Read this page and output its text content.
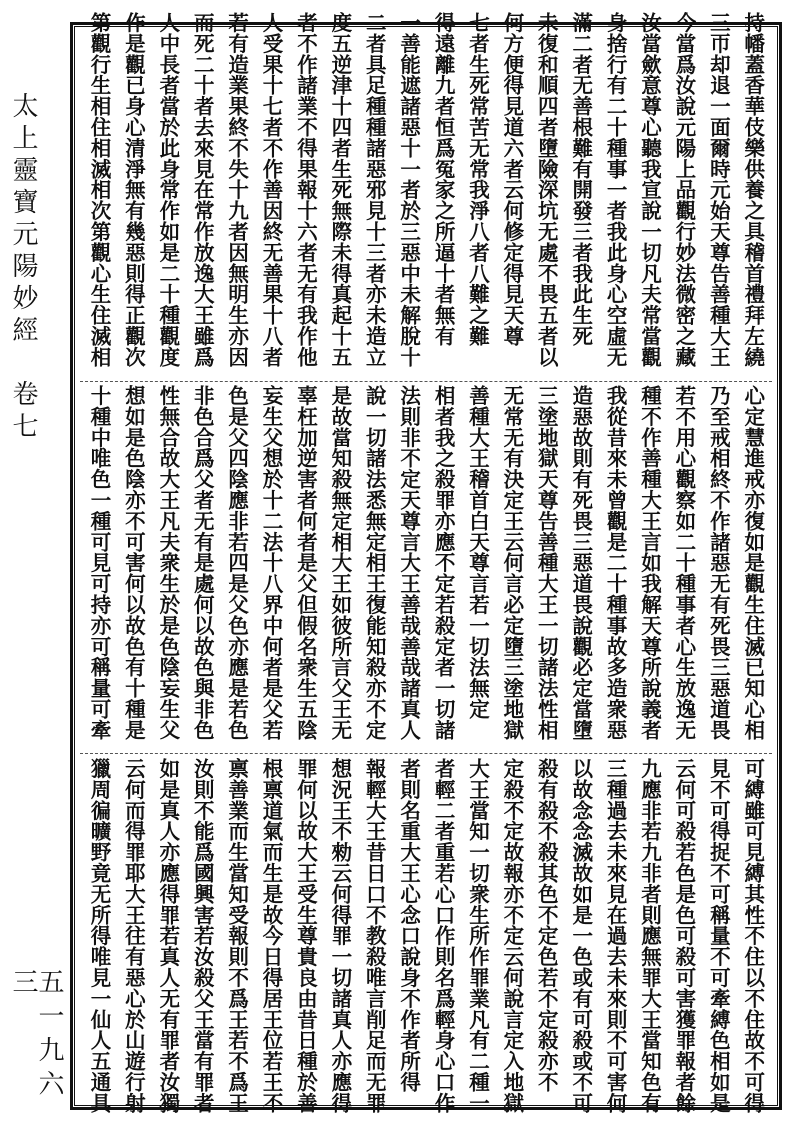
太上靈寶元陽妙經　卷七
五一九六三
持幡蓋香華伎樂供養之具稽首禮拜左繞
三帀却退一面爾時元始天尊告善種大王
今當爲汝說元陽上品觀行妙法微密之藏
汝當歛意尊心聽我宣說一切凡夫常當觀
身捨行有二十種事一者我此身心空虛无
滿二者无善根難有開發三者我此生死
未復和順四者墮險深坑无處不畏五者以
何方便得見道六者云何修定得見天尊
七者生死常苦无常我淨八者八難之難
得遠離九者恒爲冤家之所逼十者無有
一善能遮諸惡十一者於三惡中未解脫十
二者具足種種諸惡邪見十三者亦未造立
度五逆津十四者生死無際未得真起十五
者不作諸業不得果報十六者无有我作他
人受果十七者不作善因終无善果十八者
若有造業果終不失十九者因無明生亦因
而死二十者去來見在常作放逸大王雖爲
人中長者當於此身常作如是二十種觀度
作是觀已身心清淨無有幾惡則得正觀次
第觀行生相住相滅相次第觀心生住滅相
心定慧進戒亦復如是觀生住滅已知心相
乃至戒相終不作諸惡无有死畏三惡道畏
若不用心觀察如二十種事者心生放逸无
種不作善種大王言如我解天尊所說義者
我從昔來未曾觀是二十種事故多造衆惡
造惡故則有死畏三惡道畏說觀必定當墮
三塗地獄天尊告善種大王一切諸法性相
无常无有決定王云何言必定墮三塗地獄
善種大王稽首白天尊言若一切法無定
相者我之殺罪亦應不定若殺定者一切諸
法則非不定天尊言大王善哉善哉諸真人
說一切諸法悉無定相王復能知殺亦不定
是故當知殺無定相大王如彼所言父王无
辜枉加逆害者何者是父但假名衆生五陰
妄生父想於十二法十八界中何者是父若
色是父四陰應非若四是父色亦應是若色
非色合爲父者无有是處何以故色與非色
性無合故大王凡夫衆生於是色陰妄生父
想如是色陰亦不可害何以故色有十種是
十種中唯色一種可見可持亦可稱量可牽
可縛雖可見縛其性不住以不住故不可得
見不可得捉不可稱量不可牽縛色相如是
云何可殺若色是色可殺可害獲罪報者餘
九應非若九非者則應無罪大王當知色有
三種過去未來見在過去未來則不可害何
以故念念滅故如是一色或有可殺或不可
殺有殺不殺其色不定色若不定殺亦不
定殺不定故報亦不定云何說言定入地獄
大王當知一切衆生所作罪業凡有二種一
者輕二者重若心口作則名爲輕身心口作
者則名重大王心念口說身不作者所得
報輕大王昔日口不教殺唯言削足而无罪
想況王不勑云何得罪一切諸真人亦應得
罪何以故大王受生尊貴良由昔日種於善
根禀道氣而生是故今日得居王位若王不
禀善業而生當知受報則不爲王若不爲王
汝則不能爲國興害若汝殺父王當有罪者
如是真人亦應得罪若真人无有罪者汝獨
云何而得罪耶大王往有惡心於山遊行射
獵周徧曠野竟无所得唯見一仙人五通具
